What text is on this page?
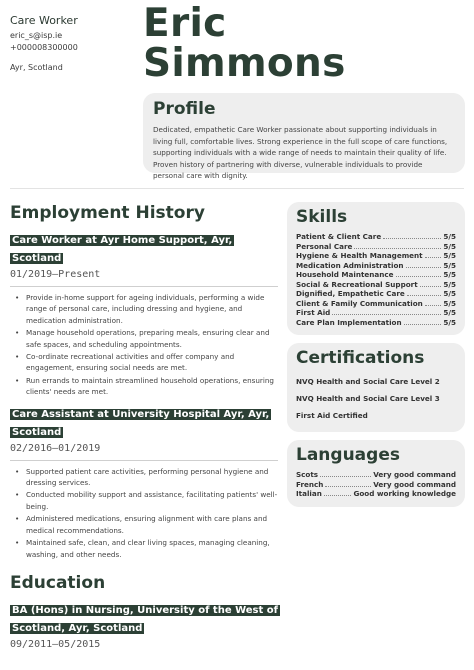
Care Worker
eric_s@isp.ie
+000008300000
Ayr, Scotland
Eric
Simmons
Profile
Dedicated, empathetic Care Worker passionate about supporting individuals in living full, comfortable lives. Strong experience in the full scope of care functions, supporting individuals with a wide range of needs to maintain their quality of life. Proven history of partnering with diverse, vulnerable individuals to provide personal care with dignity.
Employment History
Care Worker at Ayr Home Support, Ayr, Scotland
01/2019—Present
• Provide in-home support for ageing individuals, performing a wide range of personal care, including dressing and hygiene, and medication administration.
• Manage household operations, preparing meals, ensuring clear and safe spaces, and scheduling appointments.
• Co-ordinate recreational activities and offer company and engagement, ensuring social needs are met.
• Run errands to maintain streamlined household operations, ensuring clients' needs are met.
Care Assistant at University Hospital Ayr, Ayr, Scotland
02/2016—01/2019
• Supported patient care activities, performing personal hygiene and dressing services.
• Conducted mobility support and assistance, facilitating patients' well-being.
• Administered medications, ensuring alignment with care plans and medical recommendations.
• Maintained safe, clean, and clear living spaces, managing cleaning, washing, and other needs.
Education
BA (Hons) in Nursing, University of the West of Scotland, Ayr, Scotland
09/2011—05/2015
Skills
Patient & Client Care	5/5
Personal Care	5/5
Hygiene & Health Management	5/5
Medication Administration	5/5
Household Maintenance	5/5
Social & Recreational Support	5/5
Dignified, Empathetic Care	5/5
Client & Family Communication	5/5
First Aid	5/5
Care Plan Implementation	5/5
Certifications
NVQ Health and Social Care Level 2
NVQ Health and Social Care Level 3
First Aid Certified
Languages
Scots	Very good command
French	Very good command
Italian	Good working knowledge
